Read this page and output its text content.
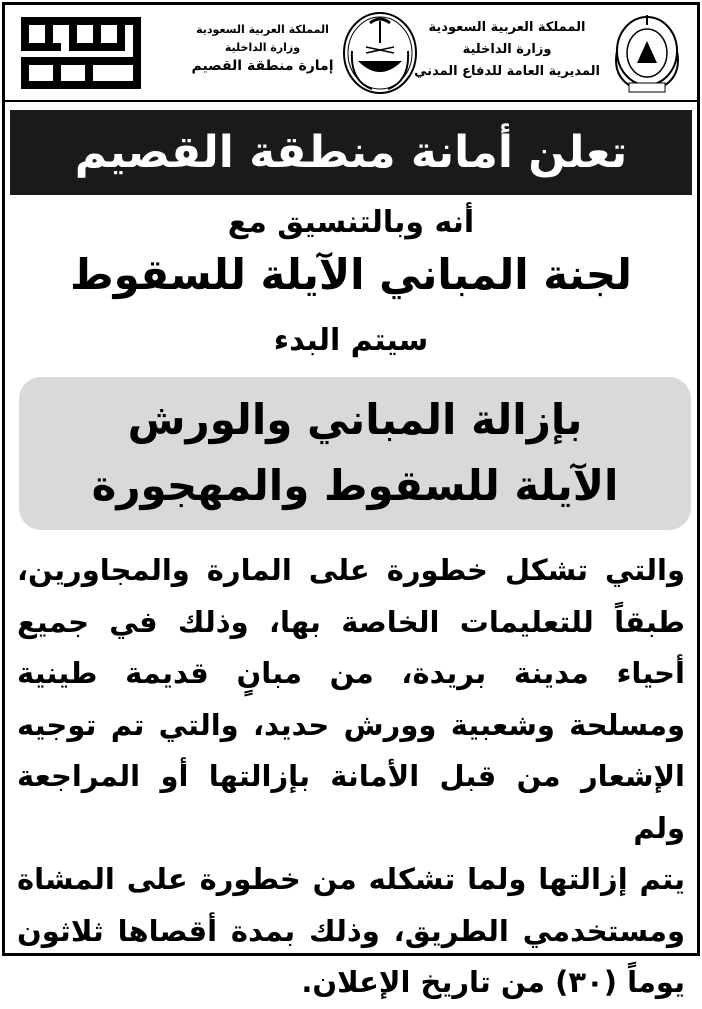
المملكة العربية السعودية
وزارة الداخلية
المديرية العامة للدفاع المدني
المملكة العربية السعودية
وزارة الداخلية
إمارة منطقة القصيم
تعلن أمانة منطقة القصيم
أنه وبالتنسيق مع
لجنة المباني الآيلة للسقوط
سيتم البدء
بإزالة المباني والورش
الآيلة للسقوط والمهجورة
والتي تشكل خطورة على المارة والمجاورين،
طبقاً للتعليمات الخاصة بها، وذلك في جميع
أحياء مدينة بريدة، من مبانٍ قديمة طينية
ومسلحة وشعبية وورش حديد، والتي تم توجيه
الإشعار من قبل الأمانة بإزالتها أو المراجعة ولم
يتم إزالتها ولما تشكله من خطورة على المشاة
ومستخدمي الطريق، وذلك بمدة أقصاها ثلاثون
يوماً (٣٠) من تاريخ الإعلان.
